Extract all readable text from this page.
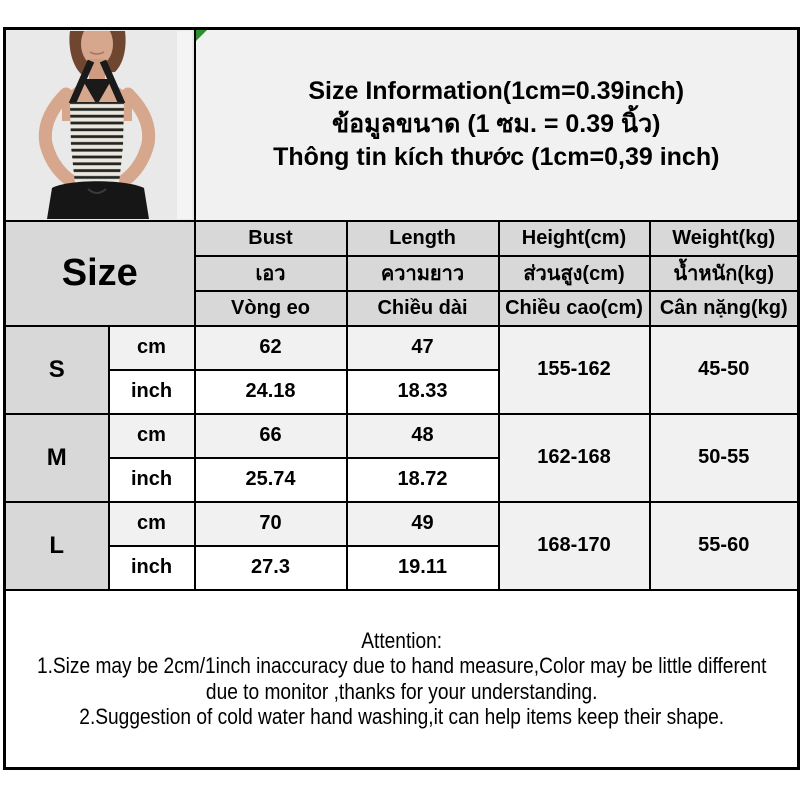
Size Information(1cm=0.39inch)
ข้อมูลขนาด (1 ซม. = 0.39 นิ้ว)
Thông tin kích thước (1cm=0,39 inch)			

Size		Bust	Length	Height(cm)	Weight(kg)
		เอว	ความยาว	ส่วนสูง(cm)	น้ำหนัก(kg)
		Vòng eo	Chiều dài	Chiều cao(cm)	Cân nặng(kg)
S	cm	62	47	155-162	45-50
	inch	24.18	18.33		
M	cm	66	48	162-168	50-55
	inch	25.74	18.72		
L	cm	70	49	168-170	55-60
	inch	27.3	19.11		

Attention:
1.Size may be 2cm/1inch inaccuracy due to hand measure,Color may be little different
due to monitor ,thanks for your understanding.
2.Suggestion of cold water hand washing,it can help items keep their shape.					
